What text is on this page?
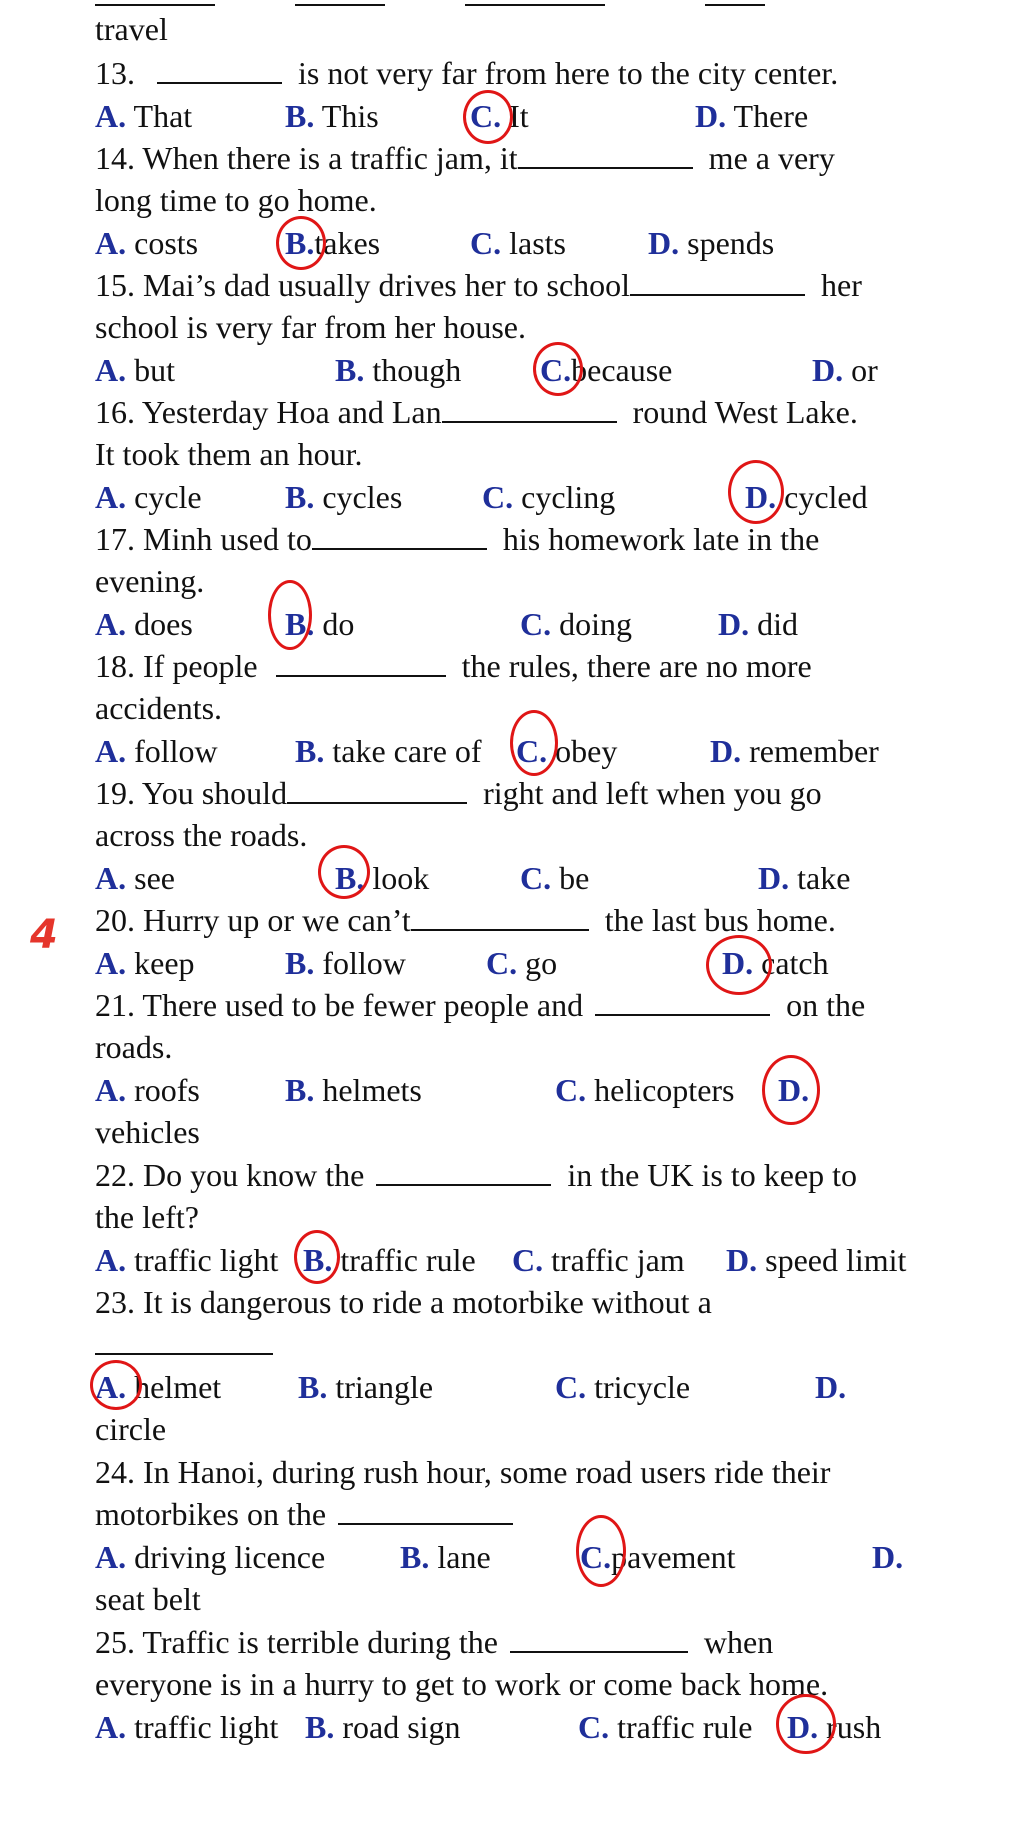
travel
4
13.	is not very far from here to the city center.
A. That	B. This	C. It	D. There
14. When there is a traffic jam, it	me a very
long time to go home.
A. costs	B.takes	C. lasts	D. spends
15. Mai’s dad usually drives her to school	her
school is very far from her house.
A. but	B. though C.because	D. or
16. Yesterday Hoa and Lan	round West Lake.
It took them an hour.
A. cycle	B. cycles C. cycling	D. cycled
17. Minh used to	his homework late in the
evening.
A. does	B. do	C. doing	D. did
18. If people	the rules, there are no more
accidents.
A. follow B. take care of C. obey	D. remember
19. You should	right and left when you go
across the roads.
A. see	B. look	C. be	D. take
20. Hurry up or we can’t	the last bus home.
A. keep	B. follow	C. go	D. catch
21. There used to be fewer people and	on the
roads.
A. roofs	B. helmets	C. helicopters D.
vehicles
22. Do you know the	in the UK is to keep to
the left?
A. traffic light B. traffic rule C. traffic jam D. speed limit
23. It is dangerous to ride a motorbike without a
A. helmet B. triangle	C. tricycle	D.
circle
24. In Hanoi, during rush hour, some road users ride their
motorbikes on the
A. driving licence B. lane	C.pavement	D.
seat belt
25. Traffic is terrible during the	when
everyone is in a hurry to get to work or come back home.
A. traffic light B. road sign	C. traffic rule D. rush
